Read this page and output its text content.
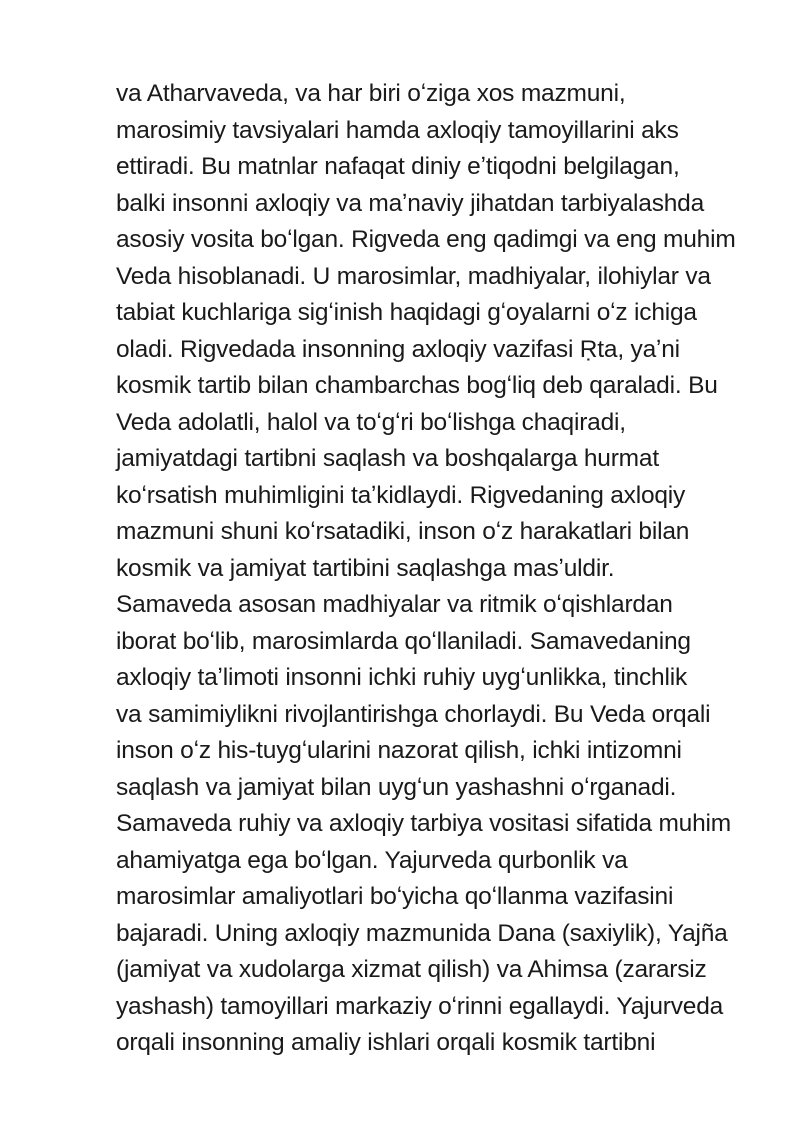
va Atharvaveda, va har biri oʻziga xos mazmuni,
marosimiy tavsiyalari hamda axloqiy tamoyillarini aks
ettiradi. Bu matnlar nafaqat diniy eʼtiqodni belgilagan,
balki insonni axloqiy va maʼnaviy jihatdan tarbiyalashda
asosiy vosita boʻlgan. Rigveda eng qadimgi va eng muhim
Veda hisoblanadi. U marosimlar, madhiyalar, ilohiylar va
tabiat kuchlariga sigʻinish haqidagi gʻoyalarni oʻz ichiga
oladi. Rigvedada insonning axloqiy vazifasi Ṛta, yaʼni
kosmik tartib bilan chambarchas bogʻliq deb qaraladi. Bu
Veda adolatli, halol va toʻgʻri boʻlishga chaqiradi,
jamiyatdagi tartibni saqlash va boshqalarga hurmat
koʻrsatish muhimligini taʼkidlaydi. Rigvedaning axloqiy
mazmuni shuni koʻrsatadiki, inson oʻz harakatlari bilan
kosmik va jamiyat tartibini saqlashga masʼuldir.
Samaveda asosan madhiyalar va ritmik oʻqishlardan
iborat boʻlib, marosimlarda qoʻllaniladi. Samavedaning
axloqiy taʼlimoti insonni ichki ruhiy uygʻunlikka, tinchlik
va samimiylikni rivojlantirishga chorlaydi. Bu Veda orqali
inson oʻz his-tuygʻularini nazorat qilish, ichki intizomni
saqlash va jamiyat bilan uygʻun yashashni oʻrganadi.
Samaveda ruhiy va axloqiy tarbiya vositasi sifatida muhim
ahamiyatga ega boʻlgan. Yajurveda qurbonlik va
marosimlar amaliyotlari boʻyicha qoʻllanma vazifasini
bajaradi. Uning axloqiy mazmunida Dana (saxiylik), Yajña
(jamiyat va xudolarga xizmat qilish) va Ahimsa (zararsiz
yashash) tamoyillari markaziy oʻrinni egallaydi. Yajurveda
orqali insonning amaliy ishlari orqali kosmik tartibni
